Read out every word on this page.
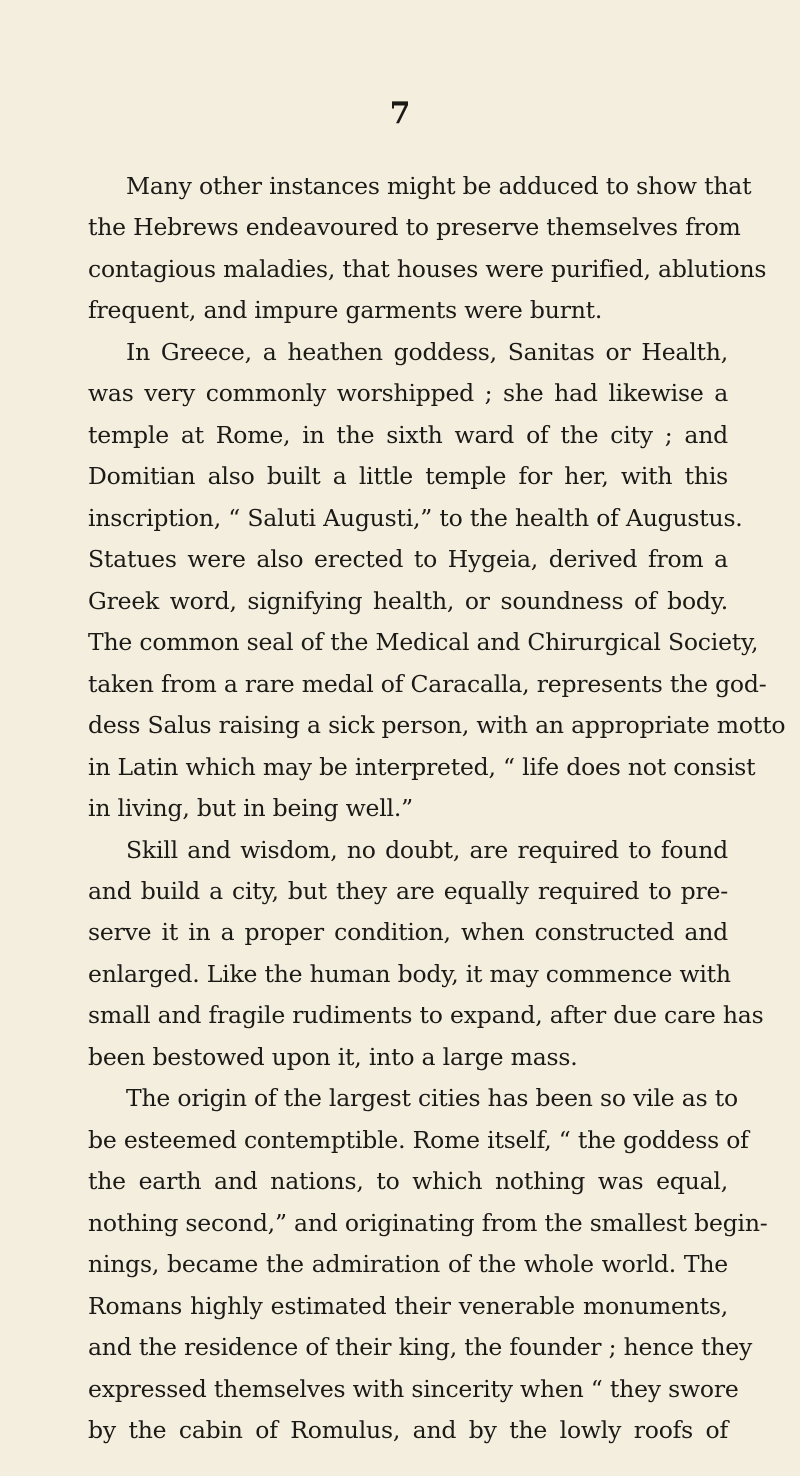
7
Many other instances might be adduced to show that
the Hebrews endeavoured to preserve themselves from
contagious maladies, that houses were purified, ablutions
frequent, and impure garments were burnt.
In Greece, a heathen goddess, Sanitas or Health,
was very commonly worshipped ; she had likewise a
temple at Rome, in the sixth ward of the city ; and
Domitian also built a little temple for her, with this
inscription, “ Saluti Augusti,” to the health of Augustus.
Statues were also erected to Hygeia, derived from a
Greek word, signifying health, or soundness of body.
The common seal of the Medical and Chirurgical Society,
taken from a rare medal of Caracalla, represents the god-
dess Salus raising a sick person, with an appropriate motto
in Latin which may be interpreted, “ life does not consist
in living, but in being well.”
Skill and wisdom, no doubt, are required to found
and build a city, but they are equally required to pre-
serve it in a proper condition, when constructed and
enlarged. Like the human body, it may commence with
small and fragile rudiments to expand, after due care has
been bestowed upon it, into a large mass.
The origin of the largest cities has been so vile as to
be esteemed contemptible. Rome itself, “ the goddess of
the earth and nations, to which nothing was equal,
nothing second,” and originating from the smallest begin-
nings, became the admiration of the whole world. The
Romans highly estimated their venerable monuments,
and the residence of their king, the founder ; hence they
expressed themselves with sincerity when “ they swore
by the cabin of Romulus, and by the lowly roofs of
